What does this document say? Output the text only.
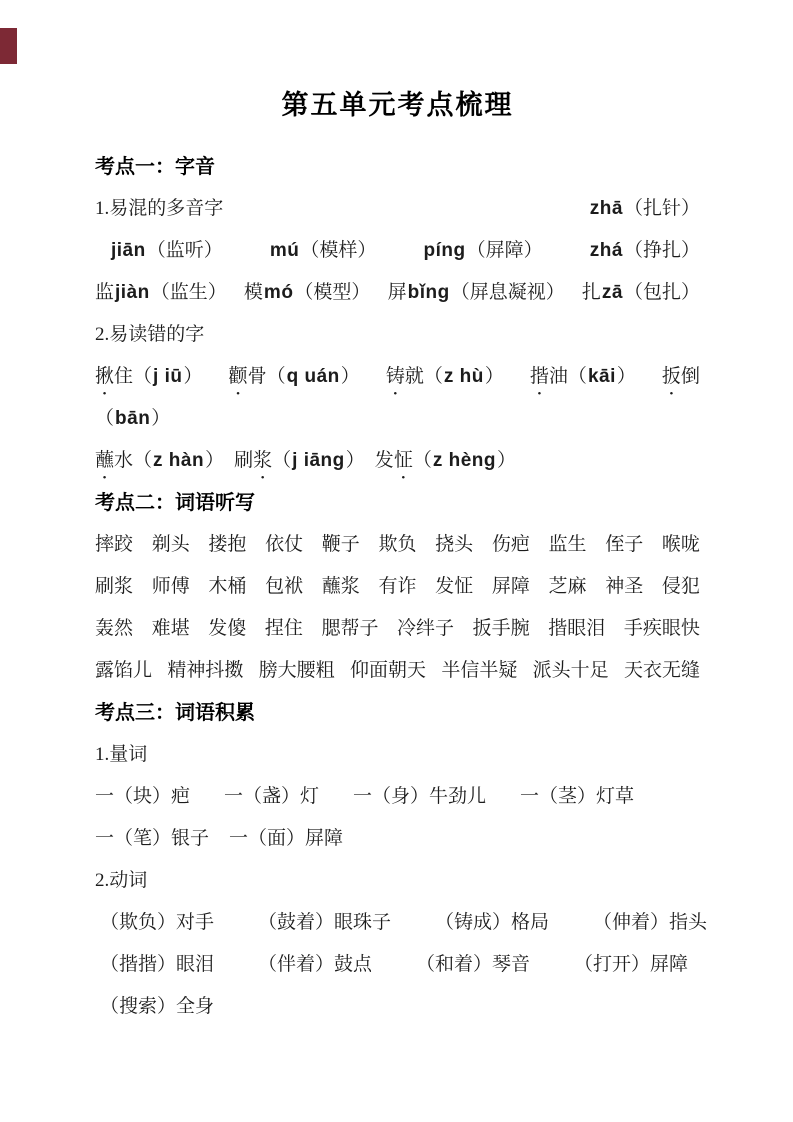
第五单元考点梳理
考点一：字音
1.易混的多音字	zhā （扎针）
jiān （监听） mú （模样） píng （屏障） zhá （挣扎）
监 jiàn （监生） 模 mó （模型） 屏 bǐng （屏息凝视） 扎 zā （包扎）
2.易读错的字
揪 • 住（ j iū ） 颧 • 骨（ q uán ） 铸 • 就（ z hù ） 揩 • 油（ kāi ） 扳 • 倒
（ bān ）
蘸 • 水（ z hàn ） 刷 浆 • （ j iāng ） 发 怔 • （ z hèng ）
考点二：词语听写
摔跤 剃头 搂抱 依仗 鞭子 欺负 挠头 伤疤 监生 侄子 喉咙
刷浆 师傅 木桶 包袱 蘸浆 有诈 发怔 屏障 芝麻 神圣 侵犯
轰然 难堪 发傻 捏住 腮帮子 冷绊子 扳手腕 揩眼泪 手疾眼快
露馅儿 精神抖擞 膀大腰粗 仰面朝天 半信半疑 派头十足 天衣无缝
考点三：词语积累
1.量词
一（块）疤 一（盏）灯 一（身）牛劲儿 一（茎）灯草
一（笔）银子 一（面）屏障
2.动词
（欺负）对手 （鼓着）眼珠子 （铸成）格局 （伸着）指头
（揩揩）眼泪 （伴着）鼓点 （和着）琴音 （打开）屏障
（搜索）全身
